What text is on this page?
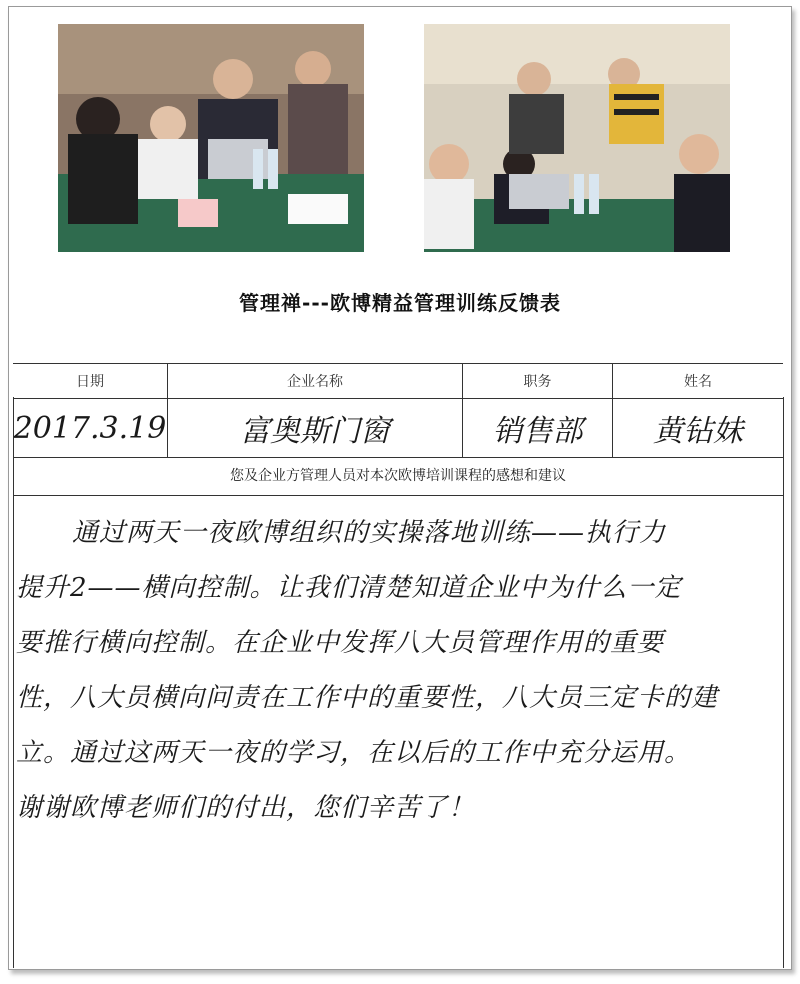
管理禅---欧博精益管理训练反馈表
日期	企业名称	职务	姓名
2017.3.19	富奥斯门窗	销售部	黄钻妹
您及企业方管理人员对本次欧博培训课程的感想和建议
通过两天一夜欧博组织的实操落地训练——执行力
提升2——横向控制。让我们清楚知道企业中为什么一定
要推行横向控制。在企业中发挥八大员管理作用的重要
性，八大员横向问责在工作中的重要性，八大员三定卡的建
立。通过这两天一夜的学习，在以后的工作中充分运用。
谢谢欧博老师们的付出，您们辛苦了！
